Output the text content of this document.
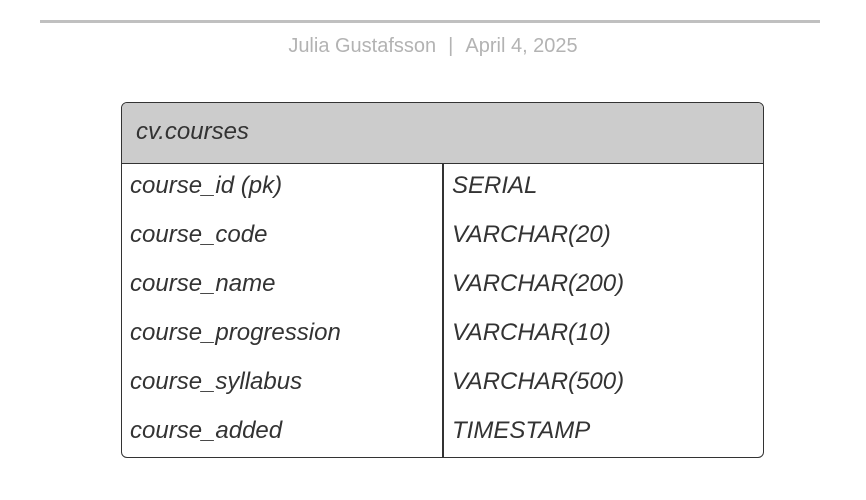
Julia Gustafsson | April 4, 2025
cv.courses
course_id (pk)	SERIAL
course_code	VARCHAR(20)
course_name	VARCHAR(200)
course_progression	VARCHAR(10)
course_syllabus	VARCHAR(500)
course_added	TIMESTAMP
